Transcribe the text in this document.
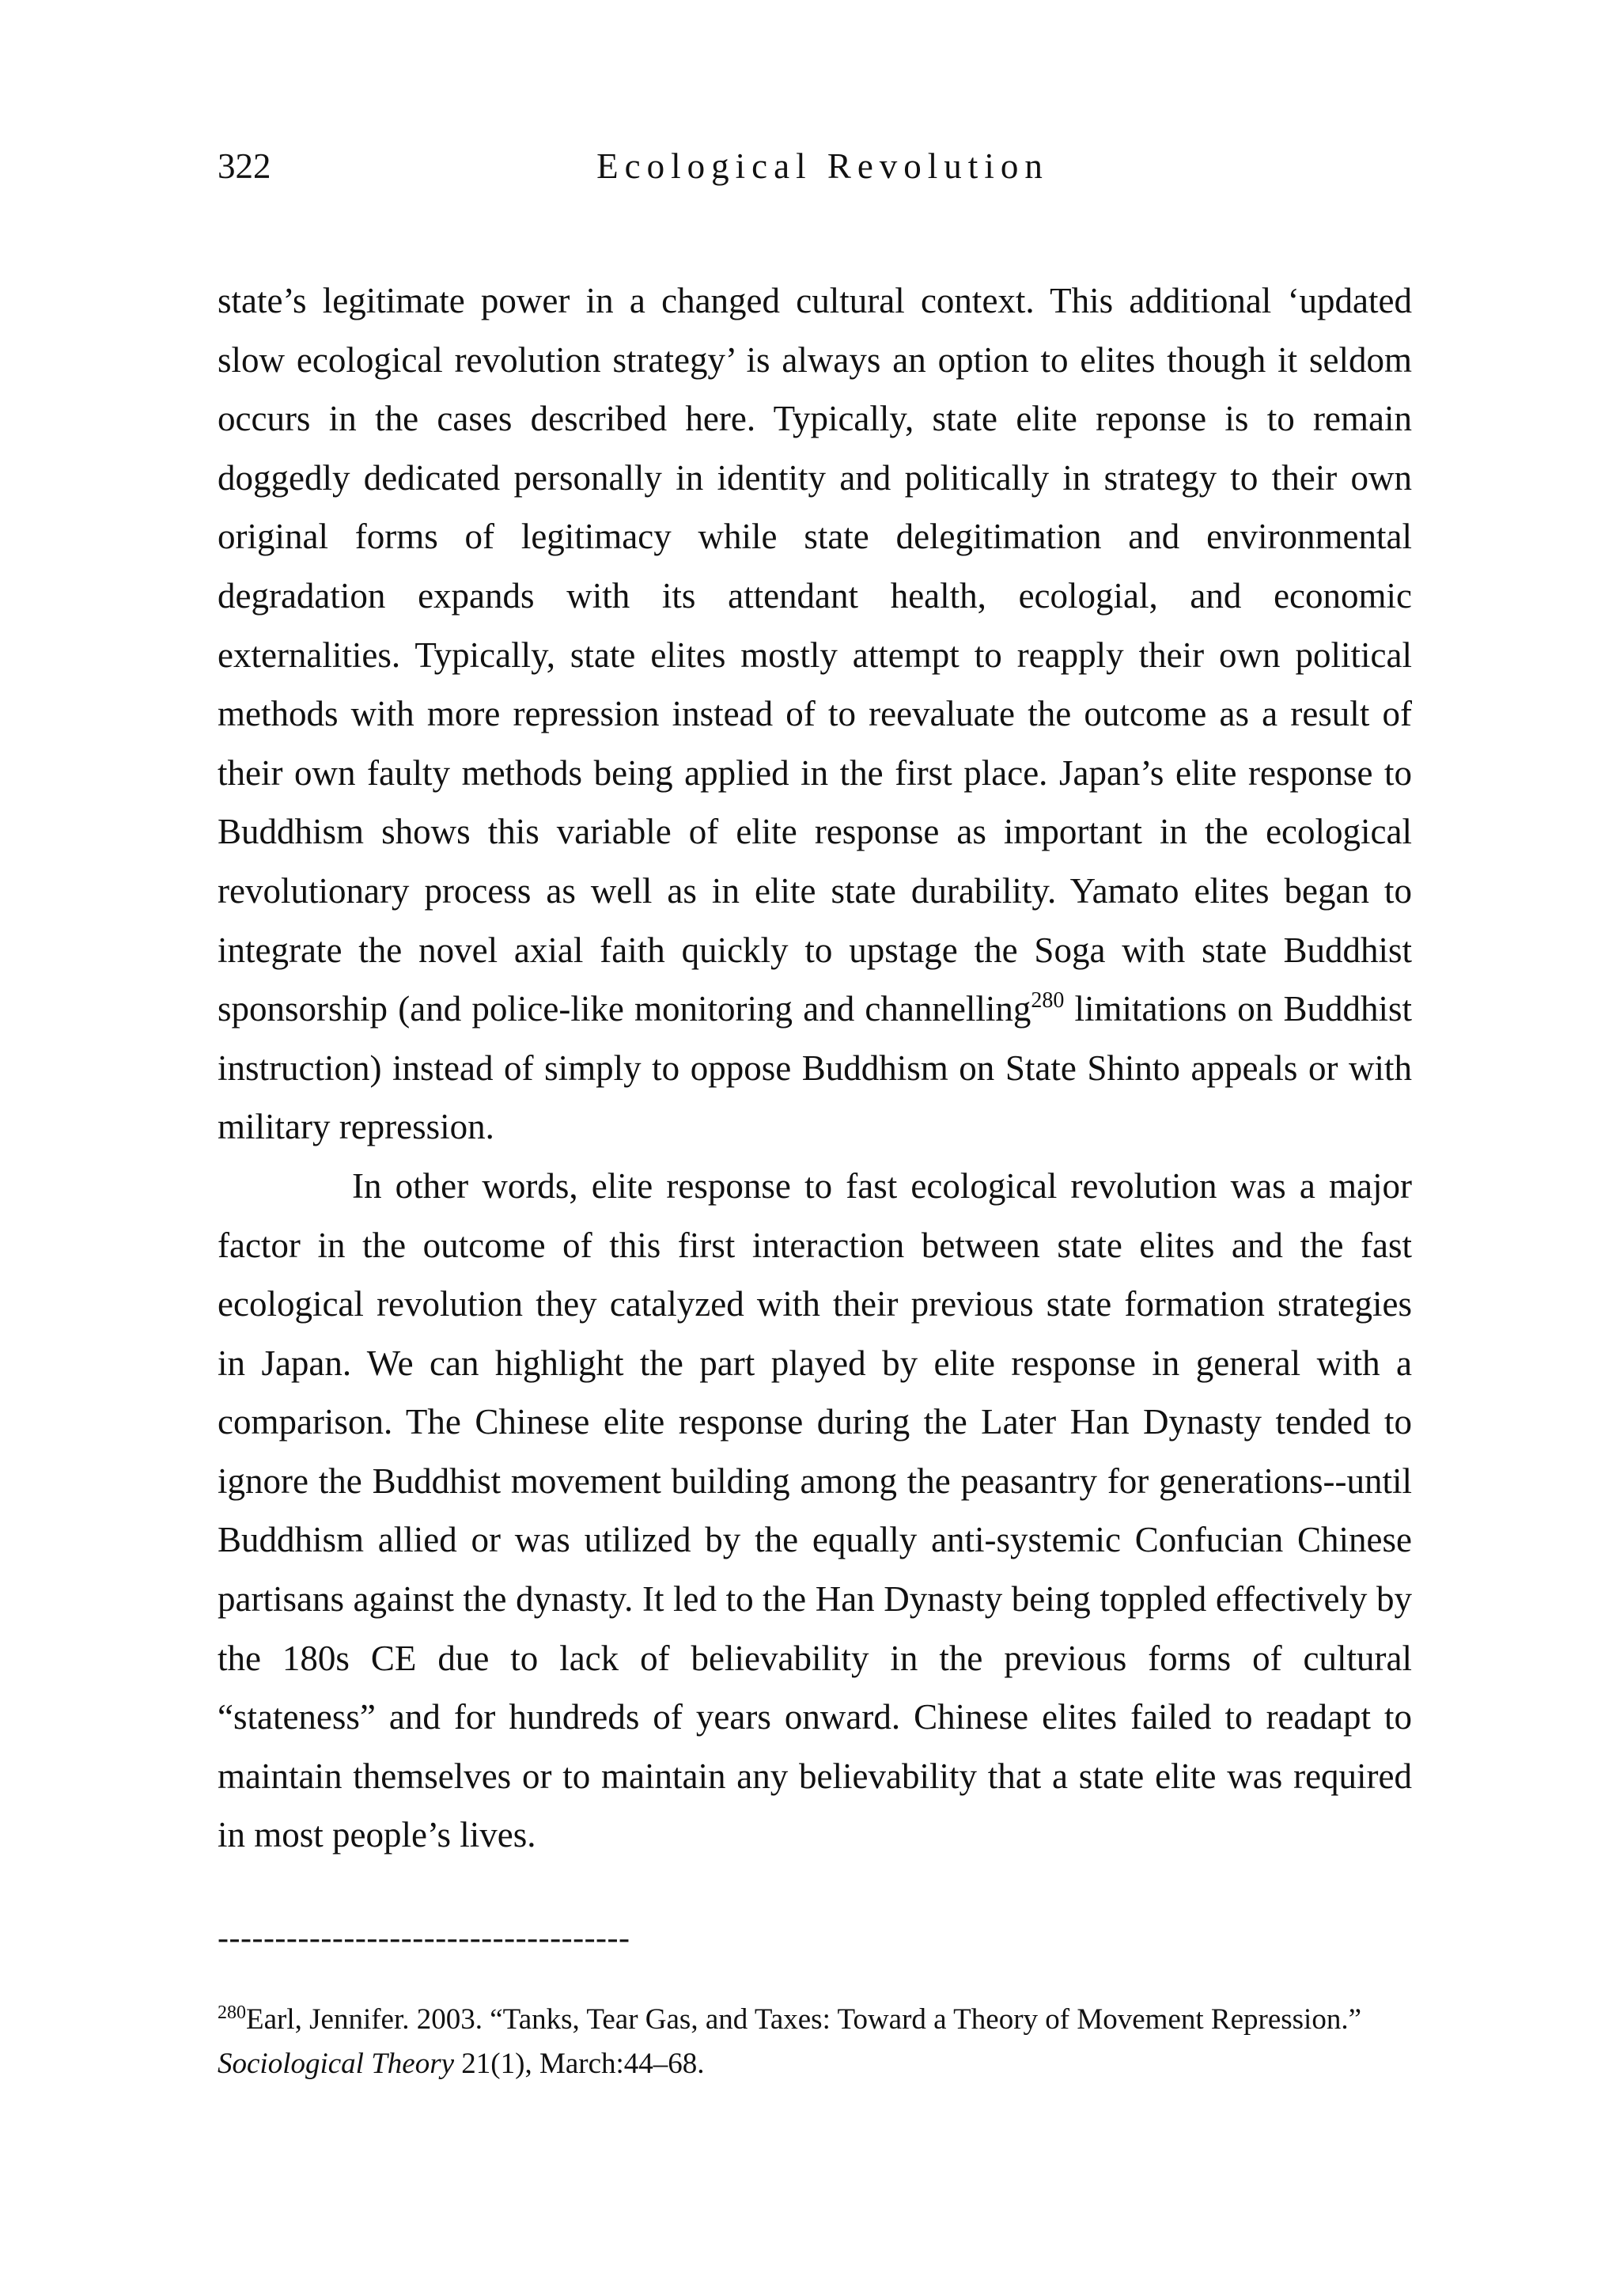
322	Ecological Revolution

state’s legitimate power in a changed cultural context. This additional ‘updated slow ecological revolution strategy’ is always an option to elites though it seldom occurs in the cases described here. Typically, state elite reponse is to remain doggedly dedicated personally in identity and politically in strategy to their own original forms of legitimacy while state delegitimation and environmental degradation expands with its attendant health, ecologial, and economic externalities. Typically, state elites mostly attempt to reapply their own political methods with more repression instead of to reevaluate the outcome as a result of their own faulty methods being applied in the first place. Japan’s elite response to Buddhism shows this variable of elite response as important in the ecological revolutionary process as well as in elite state durability. Yamato elites began to integrate the novel axial faith quickly to upstage the Soga with state Buddhist sponsorship (and police-like monitoring and channelling$^{280}$ limitations on Buddhist instruction) instead of simply to oppose Buddhism on State Shinto appeals or with military repression.

In other words, elite response to fast ecological revolution was a major factor in the outcome of this first interaction between state elites and the fast ecological revolution they catalyzed with their previous state formation strategies in Japan. We can highlight the part played by elite response in general with a comparison. The Chinese elite response during the Later Han Dynasty tended to ignore the Buddhist movement building among the peasantry for generations--until Buddhism allied or was utilized by the equally anti-systemic Confucian Chinese partisans against the dynasty. It led to the Han Dynasty being toppled effectively by the 180s CE due to lack of believability in the previous forms of cultural “stateness” and for hundreds of years onward. Chinese elites failed to readapt to maintain themselves or to maintain any believability that a state elite was required in most people’s lives.

------------------------------------
$^{280}$Earl, Jennifer. 2003. “Tanks, Tear Gas, and Taxes: Toward a Theory of Movement Repression.” Sociological Theory 21(1), March:44–68.
